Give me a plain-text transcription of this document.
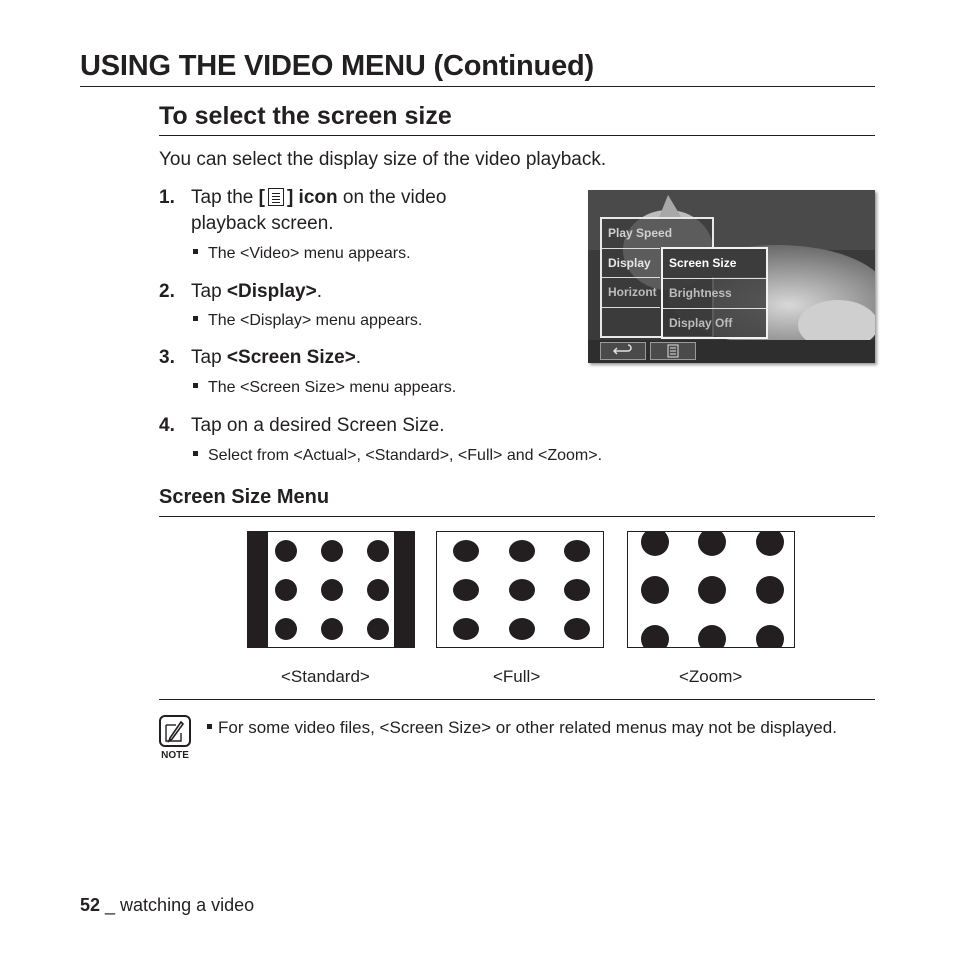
USING THE VIDEO MENU (Continued)
To select the screen size
You can select the display size of the video playback.
1. Tap the [ ] icon on the video
playback screen.
The <Video> menu appears.
2. Tap <Display>.
The <Display> menu appears.
3. Tap <Screen Size>.
The <Screen Size> menu appears.
4. Tap on a desired Screen Size.
Select from <Actual>, <Standard>, <Full> and <Zoom>.
Play Speed
Display
Horizont
Screen Size
Brightness
Display Off
Screen Size Menu
<Standard>	<Full>	<Zoom>
NOTE
For some video files, <Screen Size> or other related menus may not be displayed.
52 _ watching a video
